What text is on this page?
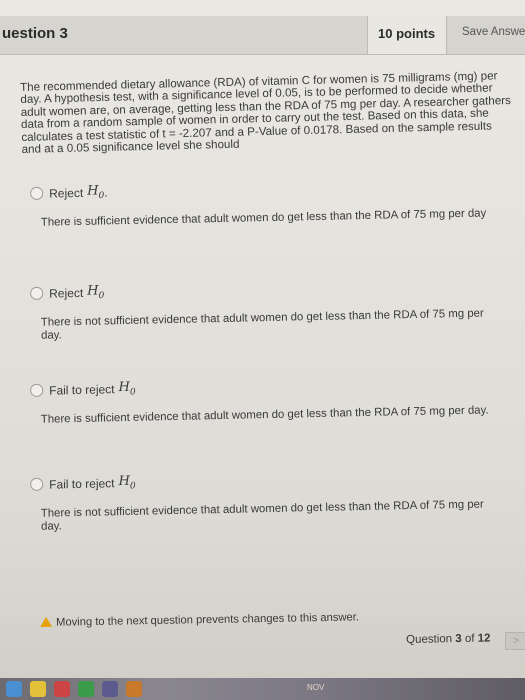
uestion 3	10 points Save Answe
The recommended dietary allowance (RDA) of vitamin C for women is 75 milligrams (mg) per day. A hypothesis test, with a significance level of 0.05, is to be performed to decide whether adult women are, on average, getting less than the RDA of 75 mg per day. A researcher gathers data from a random sample of women in order to carry out the test. Based on this data, she calculates a test statistic of t = -2.207 and a P-Value of 0.0178. Based on the sample results and at a 0.05 significance level she should
Reject $H_0$ .
There is sufficient evidence that adult women do get less than the RDA of 75 mg per day
Reject $H_0$
There is not sufficient evidence that adult women do get less than the RDA of 75 mg per day.
Fail to reject $H_0$
There is sufficient evidence that adult women do get less than the RDA of 75 mg per day.
Fail to reject $H_0$
There is not sufficient evidence that adult women do get less than the RDA of 75 mg per day.
Moving to the next question prevents changes to this answer.
Question 3 of 12	>
NOV
